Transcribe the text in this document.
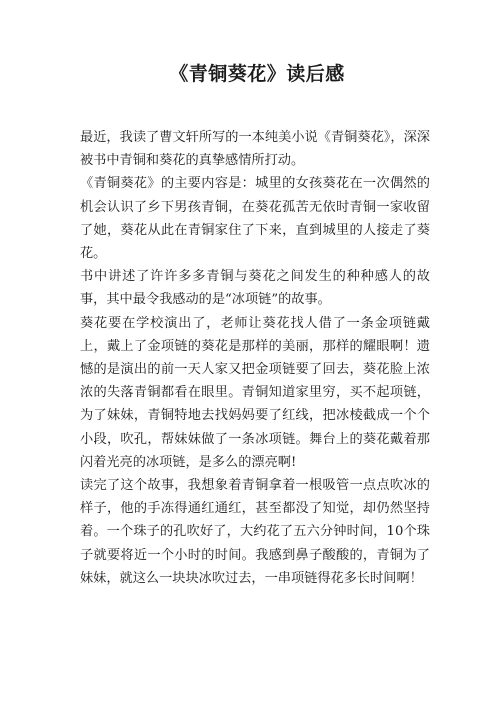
《青铜葵花》读后感

最近，我读了曹文轩所写的一本纯美小说《青铜葵花》，深深被书中青铜和葵花的真挚感情所打动。

《青铜葵花》的主要内容是：城里的女孩葵花在一次偶然的机会认识了乡下男孩青铜，在葵花孤苦无依时青铜一家收留了她，葵花从此在青铜家住了下来，直到城里的人接走了葵花。

书中讲述了许许多多青铜与葵花之间发生的种种感人的故事，其中最令我感动的是“冰项链”的故事。

葵花要在学校演出了，老师让葵花找人借了一条金项链戴上，戴上了金项链的葵花是那样的美丽，那样的耀眼啊！遗憾的是演出的前一天人家又把金项链要了回去，葵花脸上浓浓的失落青铜都看在眼里。青铜知道家里穷，买不起项链，为了妹妹，青铜特地去找妈妈要了红线，把冰棱截成一个个小段，吹孔，帮妹妹做了一条冰项链。舞台上的葵花戴着那闪着光亮的冰项链，是多么的漂亮啊!

读完了这个故事，我想象着青铜拿着一根吸管一点点吹冰的样子，他的手冻得通红通红，甚至都没了知觉，却仍然坚持着。一个珠子的孔吹好了，大约花了五六分钟时间，10个珠子就要将近一个小时的时间。我感到鼻子酸酸的，青铜为了妹妹，就这么一块块冰吹过去，一串项链得花多长时间啊！
